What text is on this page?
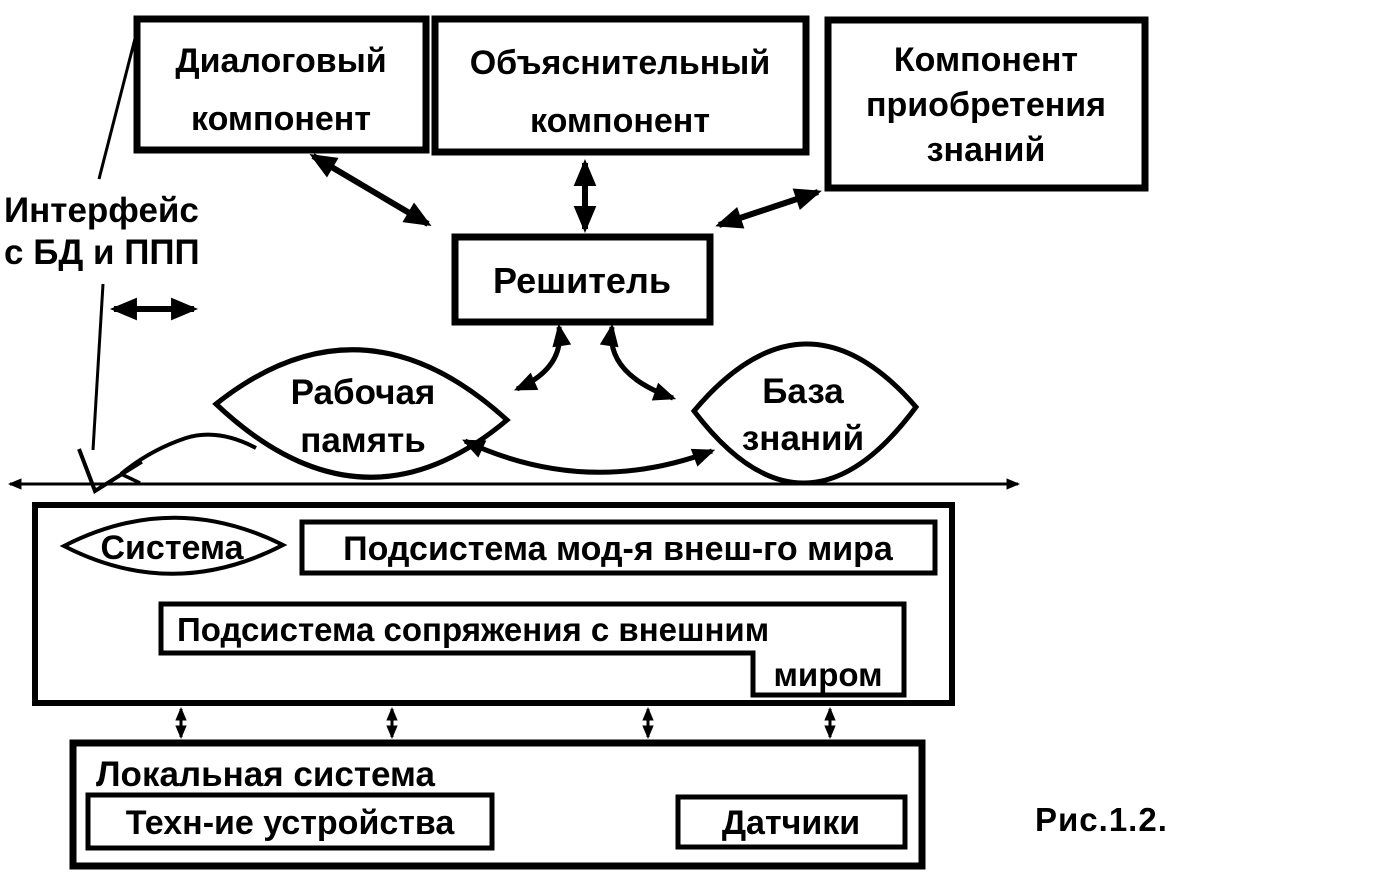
Рабочая
память
База
знаний
Диалоговый
компонент
Объяснительный
компонент
Компонент
приобретения
знаний
Решитель
Интерфейс
с БД и ППП
Система	Подсистема мод-я внеш-го мира
Подсистема сопряжения с внешним
миром
Локальная система
Техн-ие устройства	Датчики	Рис.1.2.
